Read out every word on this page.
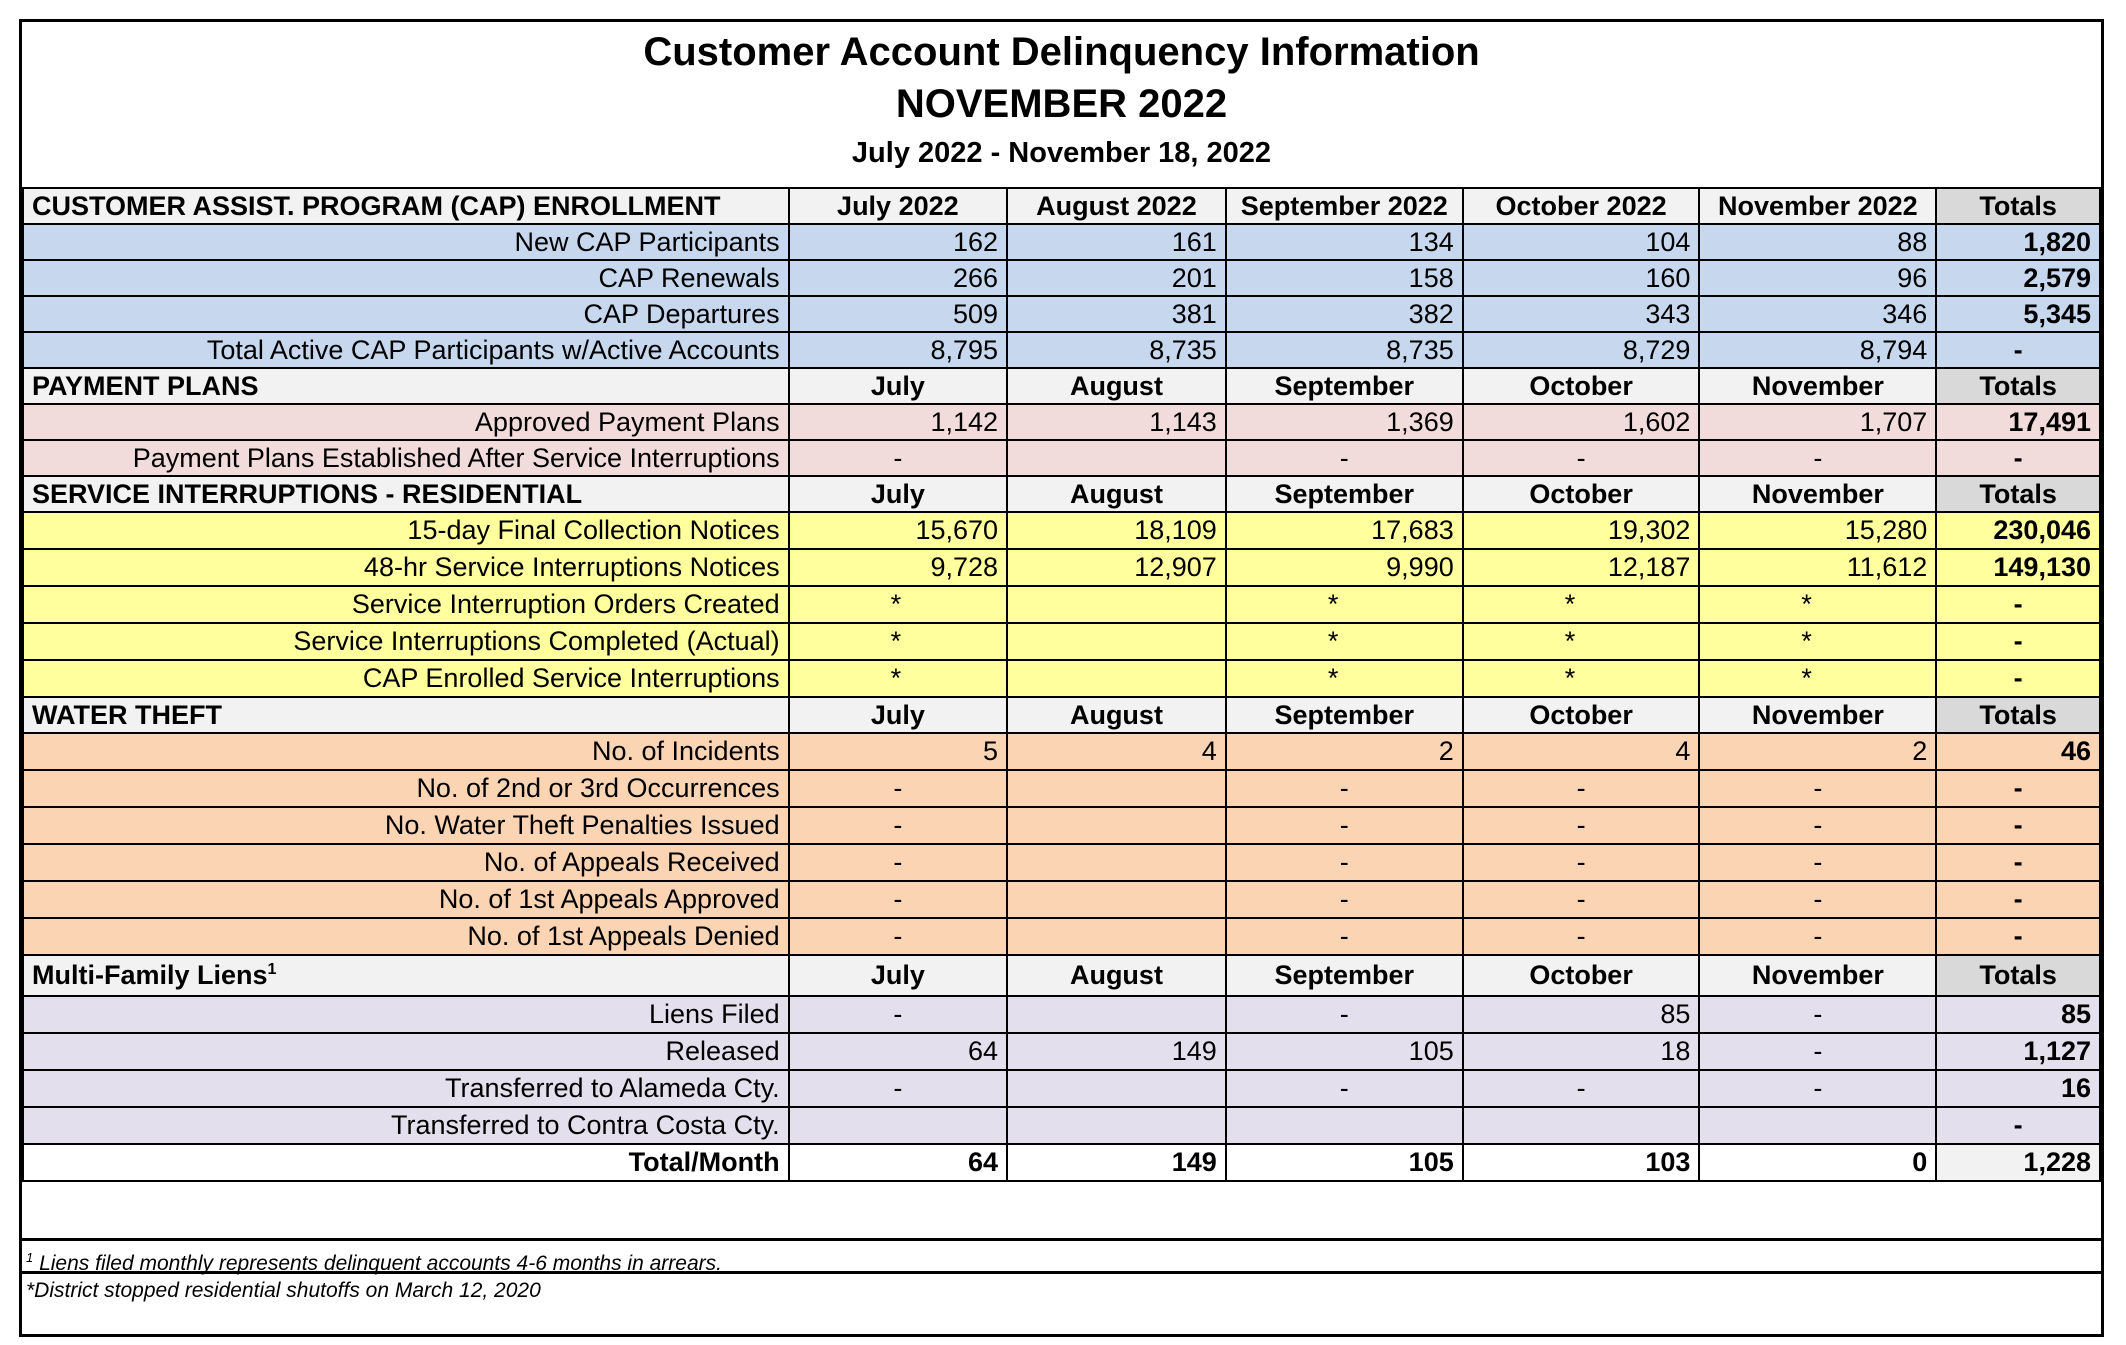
Customer Account Delinquency Information
NOVEMBER 2022
July 2022 - November 18, 2022
CUSTOMER ASSIST. PROGRAM (CAP) ENROLLMENT	July 2022	August 2022	September 2022	October 2022	November 2022	Totals
New CAP Participants	162	161	134	104	88	1,820
CAP Renewals	266	201	158	160	96	2,579
CAP Departures	509	381	382	343	346	5,345
Total Active CAP Participants w/Active Accounts	8,795	8,735	8,735	8,729	8,794	-
PAYMENT PLANS	July	August	September	October	November	Totals
Approved Payment Plans	1,142	1,143	1,369	1,602	1,707	17,491
Payment Plans Established After Service Interruptions	-		-	-	-	-
SERVICE INTERRUPTIONS - RESIDENTIAL	July	August	September	October	November	Totals
15-day Final Collection Notices	15,670	18,109	17,683	19,302	15,280	230,046
48-hr Service Interruptions Notices	9,728	12,907	9,990	12,187	11,612	149,130
Service Interruption Orders Created	*		*	*	*	-
Service Interruptions Completed (Actual)	*		*	*	*	-
CAP Enrolled Service Interruptions	*		*	*	*	-
WATER THEFT	July	August	September	October	November	Totals
No. of Incidents	5	4	2	4	2	46
No. of 2nd or 3rd Occurrences	-		-	-	-	-
No. Water Theft Penalties Issued	-		-	-	-	-
No. of Appeals Received	-		-	-	-	-
No. of 1st Appeals Approved	-		-	-	-	-
No. of 1st Appeals Denied	-		-	-	-	-
Multi-Family Liens$^1$	July	August	September	October	November	Totals
Liens Filed	-		-	85	-	85
Released	64	149	105	18	-	1,127
Transferred to Alameda Cty.	-		-	-	-	16
Transferred to Contra Costa Cty.						-
Total/Month	64	149	105	103	0	1,228
$^1$ Liens filed monthly represents delinquent accounts 4-6 months in arrears.
*District stopped residential shutoffs on March 12, 2020
